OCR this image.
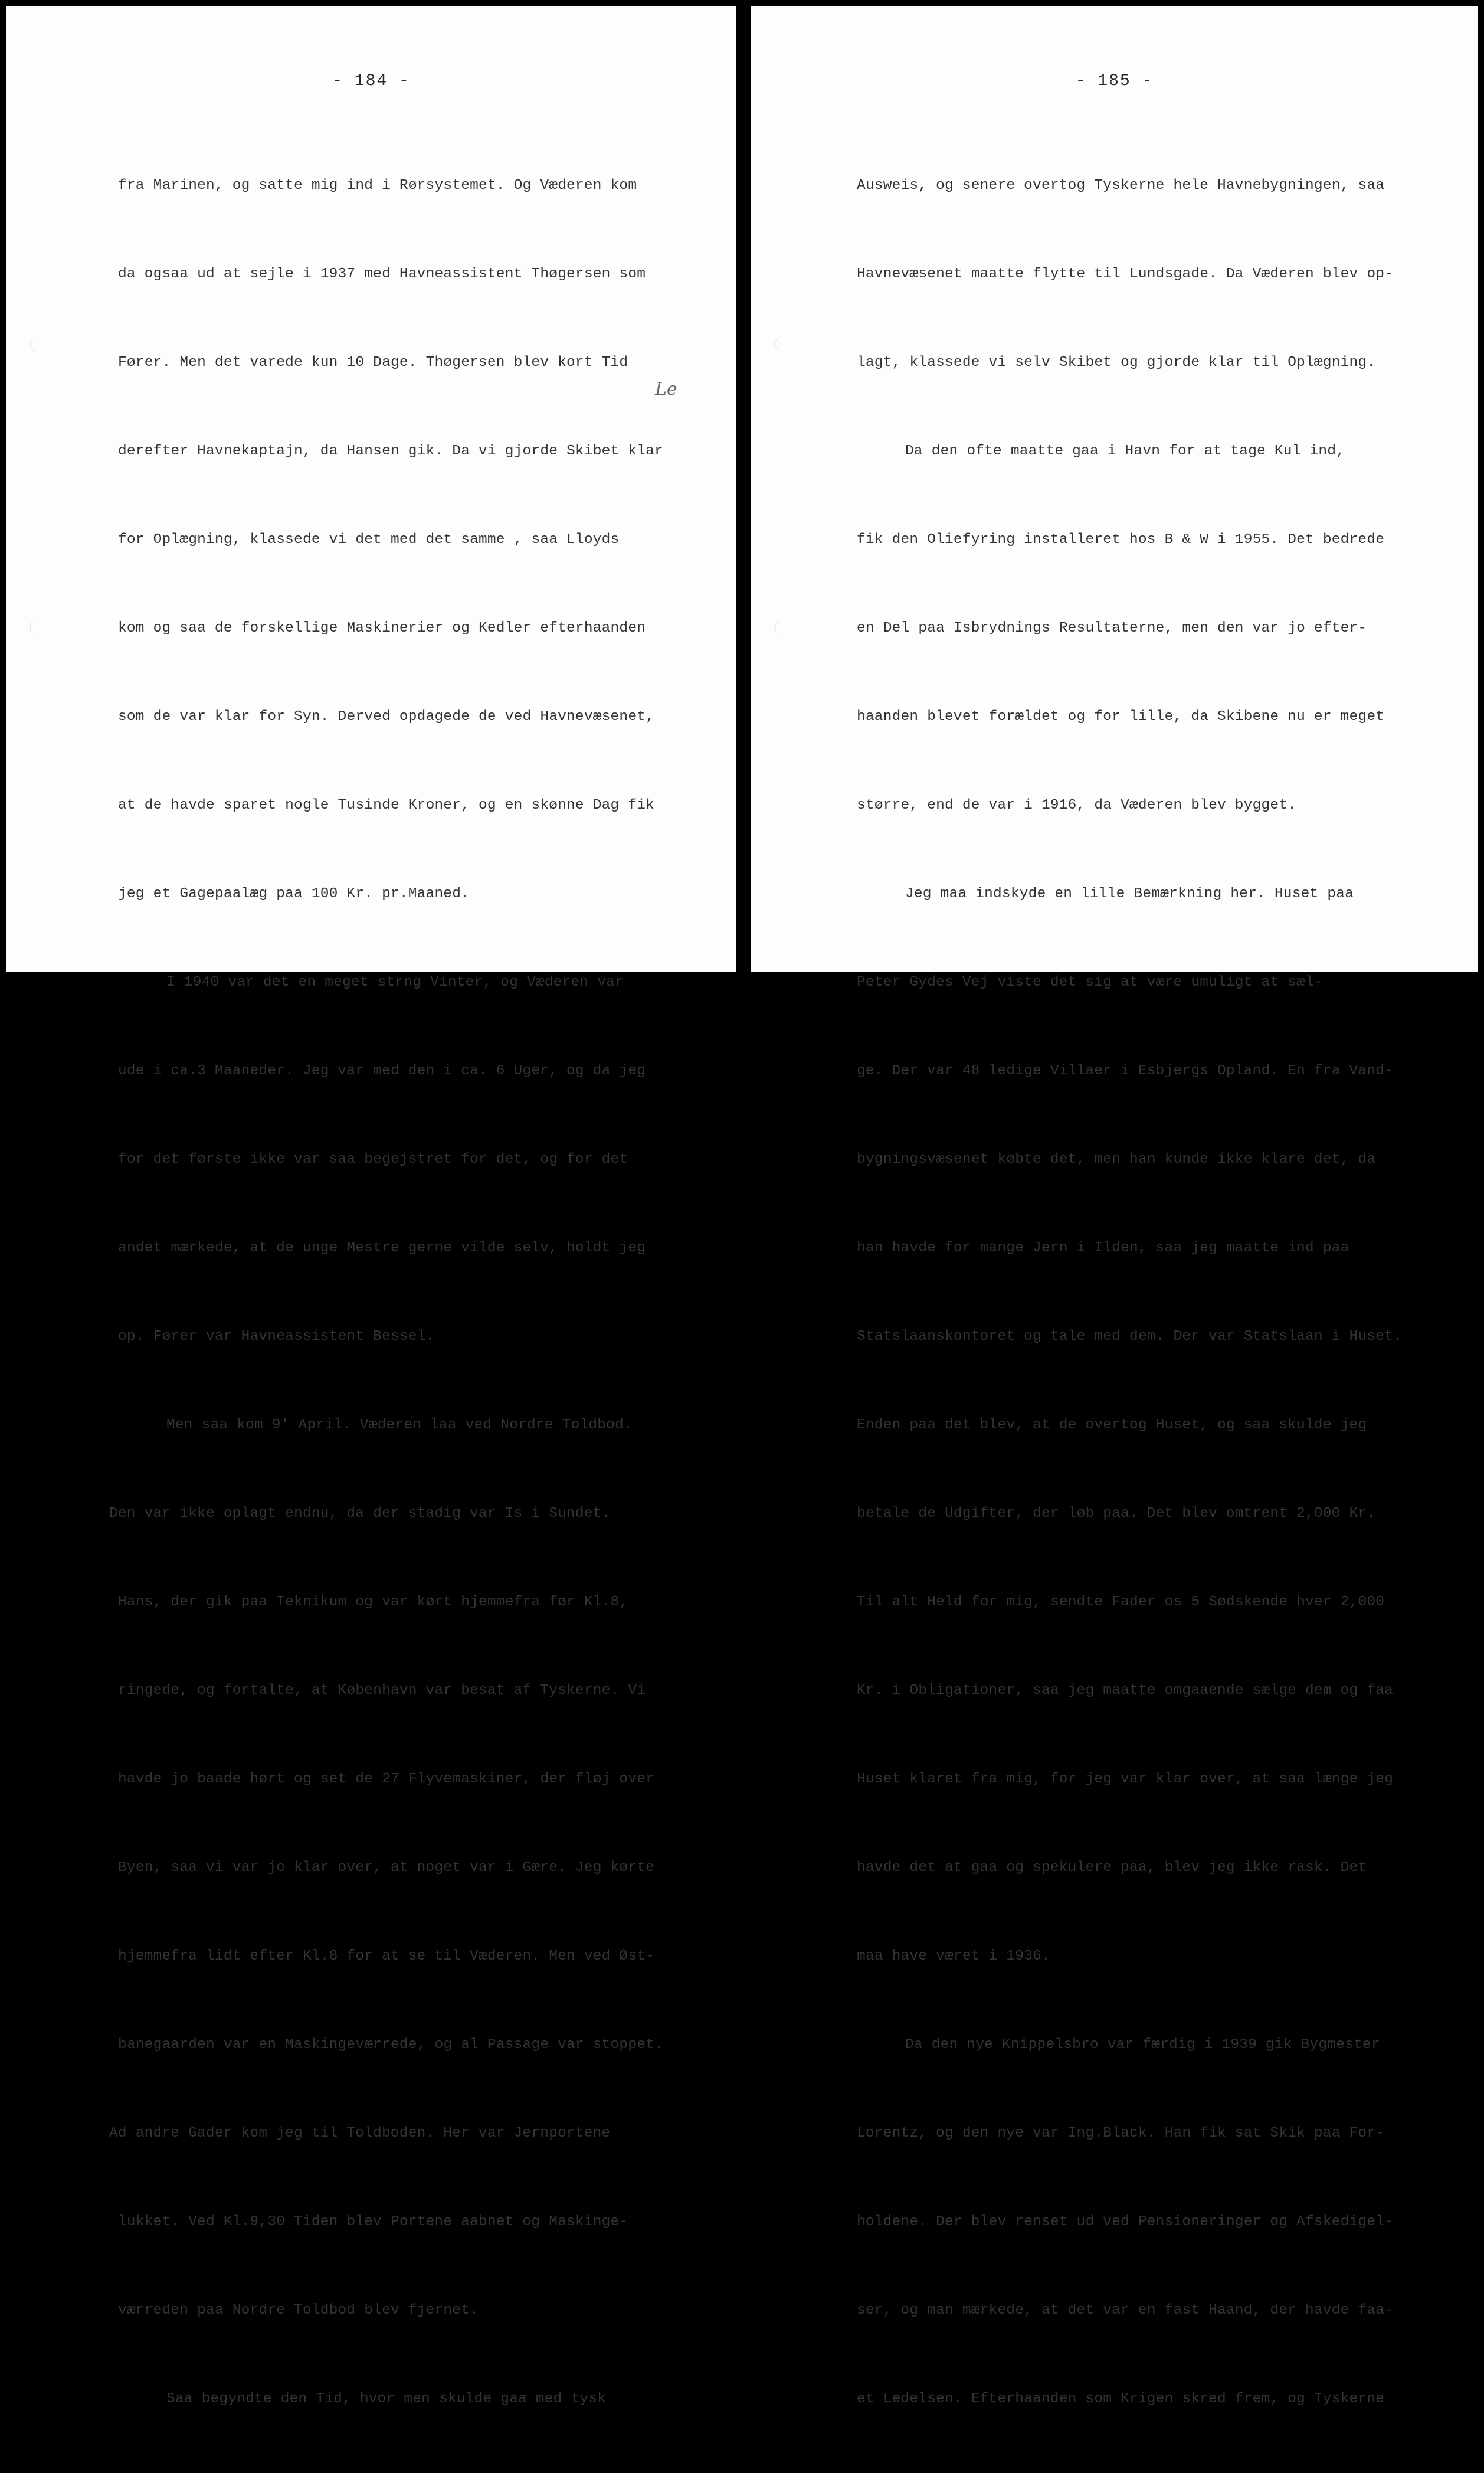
- 184 -
Le

fra Marinen, og satte mig ind i Rørsystemet. Og Væderen kom

da ogsaa ud at sejle i 1937 med Havneassistent Thøgersen som

Fører. Men det varede kun 10 Dage. Thøgersen blev kort Tid

derefter Havnekaptajn, da Hansen gik. Da vi gjorde Skibet klar

for Oplægning, klassede vi det med det samme , saa Lloyds

kom og saa de forskellige Maskinerier og Kedler efterhaanden

som de var klar for Syn. Derved opdagede de ved Havnevæsenet,

at de havde sparet nogle Tusinde Kroner, og en skønne Dag fik

jeg et Gagepaalæg paa 100 Kr. pr.Maaned.

I 1940 var det en meget strng Vinter, og Væderen var

ude i ca.3 Maaneder. Jeg var med den i ca. 6 Uger, og da jeg

for det første ikke var saa begejstret for det, og for det

andet mærkede, at de unge Mestre gerne vilde selv, holdt jeg

op. Fører var Havneassistent Bessel.

Men saa kom 9' April. Væderen laa ved Nordre Toldbod.

Den var ikke oplagt endnu, da der stadig var Is i Sundet.

Hans, der gik paa Teknikum og var kørt hjemmefra før Kl.8,

ringede, og fortalte, at København var besat af Tyskerne. Vi

havde jo baade hørt og set de 27 Flyvemaskiner, der fløj over

Byen, saa vi var jo klar over, at noget var i Gære. Jeg kørte

hjemmefra lidt efter Kl.8 for at se til Væderen. Men ved Øst-

banegaarden var en Maskingeværrede, og al Passage var stoppet.

Ad andre Gader kom jeg til Toldboden. Her var Jernportene

lukket. Ved Kl.9,30 Tiden blev Portene aabnet og Maskinge-

værreden paa Nordre Toldbod blev fjernet.

Saa begyndte den Tid, hvor men skulde gaa med tysk

- 185 -

Ausweis, og senere overtog Tyskerne hele Havnebygningen, saa

Havnevæsenet maatte flytte til Lundsgade. Da Væderen blev op-

lagt, klassede vi selv Skibet og gjorde klar til Oplægning.

Da den ofte maatte gaa i Havn for at tage Kul ind,

fik den Oliefyring installeret hos B & W i 1955. Det bedrede

en Del paa Isbrydnings Resultaterne, men den var jo efter-

haanden blevet forældet og for lille, da Skibene nu er meget

større, end de var i 1916, da Væderen blev bygget.

Jeg maa indskyde en lille Bemærkning her. Huset paa

Peter Gydes Vej viste det sig at være umuligt at sæl-

ge. Der var 48 ledige Villaer i Esbjergs Opland. En fra Vand-

bygningsvæsenet købte det, men han kunde ikke klare det, da

han havde for mange Jern i Ilden, saa jeg maatte ind paa

Statslaanskontoret og tale med dem. Der var Statslaan i Huset.

Enden paa det blev, at de overtog Huset, og saa skulde jeg

betale de Udgifter, der løb paa. Det blev omtrent 2,000 Kr.

Til alt Held for mig, sendte Fader os 5 Sødskende hver 2,000

Kr. i Obligationer, saa jeg maatte omgaaende sælge dem og faa

Huset klaret fra mig, for jeg var klar over, at saa længe jeg

havde det at gaa og spekulere paa, blev jeg ikke rask. Det

maa have været i 1936.

Da den nye Knippelsbro var færdig i 1939 gik Bygmester

Lorentz, og den nye var Ing.Black. Han fik sat Skik paa For-

holdene. Der blev renset ud ved Pensioneringer og Afskedigel-

ser, og man mærkede, at det var en fast Haand, der havde faa-

et Ledelsen. Efterhaanden som Krigen skred frem, og Tyskerne
